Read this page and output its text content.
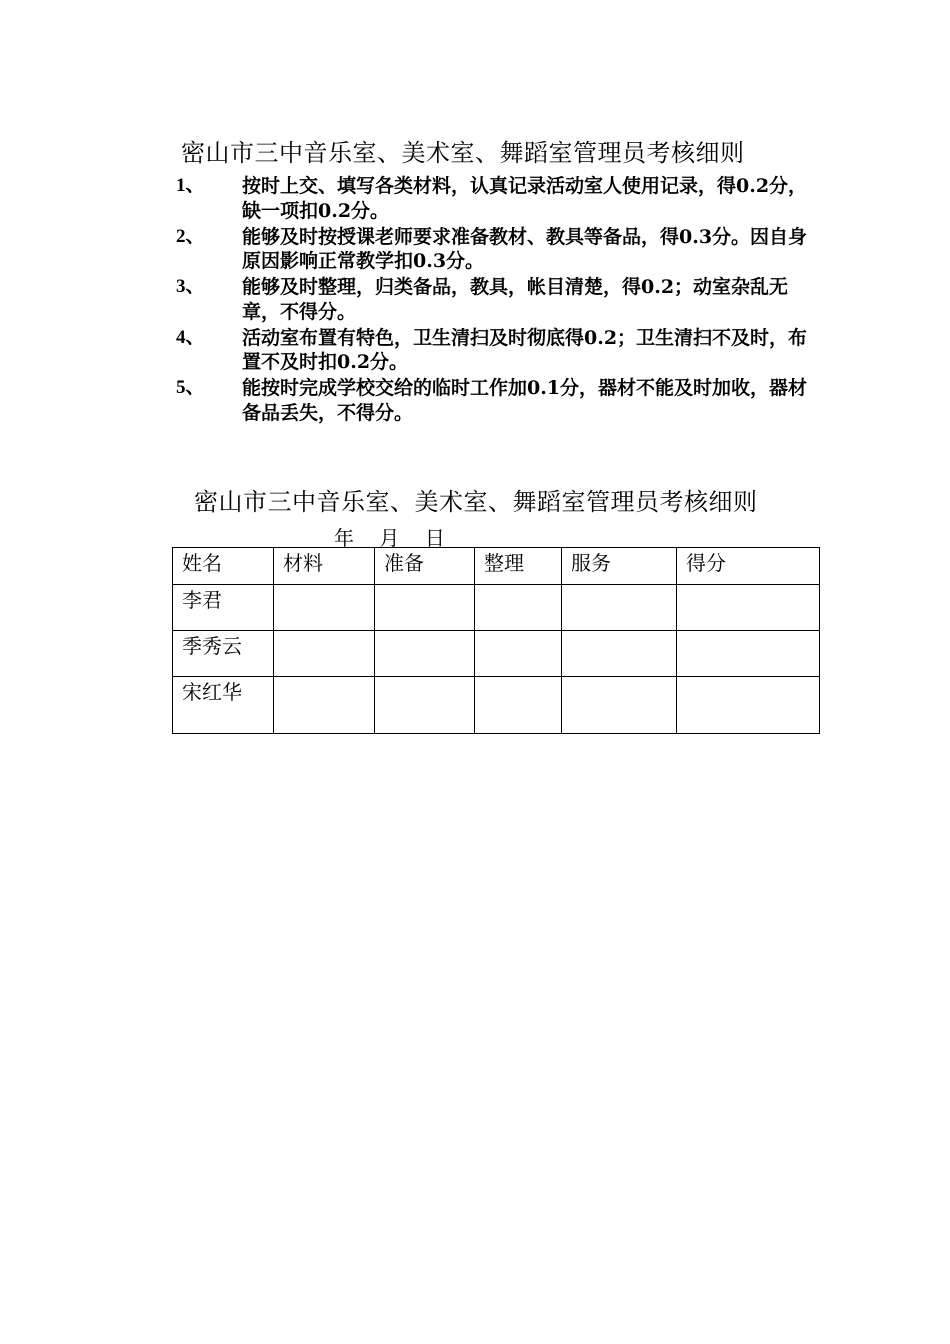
密山市三中音乐室、美术室、舞蹈室管理员考核细则
1、 按时上交、填写各类材料，认真记录活动室人使用记录，得0.2分，缺一项扣0.2分。
2、 能够及时按授课老师要求准备教材、教具等备品，得0.3分。因自身原因影响正常教学扣0.3分。
3、 能够及时整理，归类备品，教具，帐目清楚，得0.2；动室杂乱无章，不得分。
4、 活动室布置有特色，卫生清扫及时彻底得0.2；卫生清扫不及时，布置不及时扣0.2分。
5、 能按时完成学校交给的临时工作加0.1分，器材不能及时加收，器材备品丢失，不得分。
密山市三中音乐室、美术室、舞蹈室管理员考核细则
年    月    日
姓名	材料	准备	整理	服务	得分
李君					
季秀云					
宋红华					
